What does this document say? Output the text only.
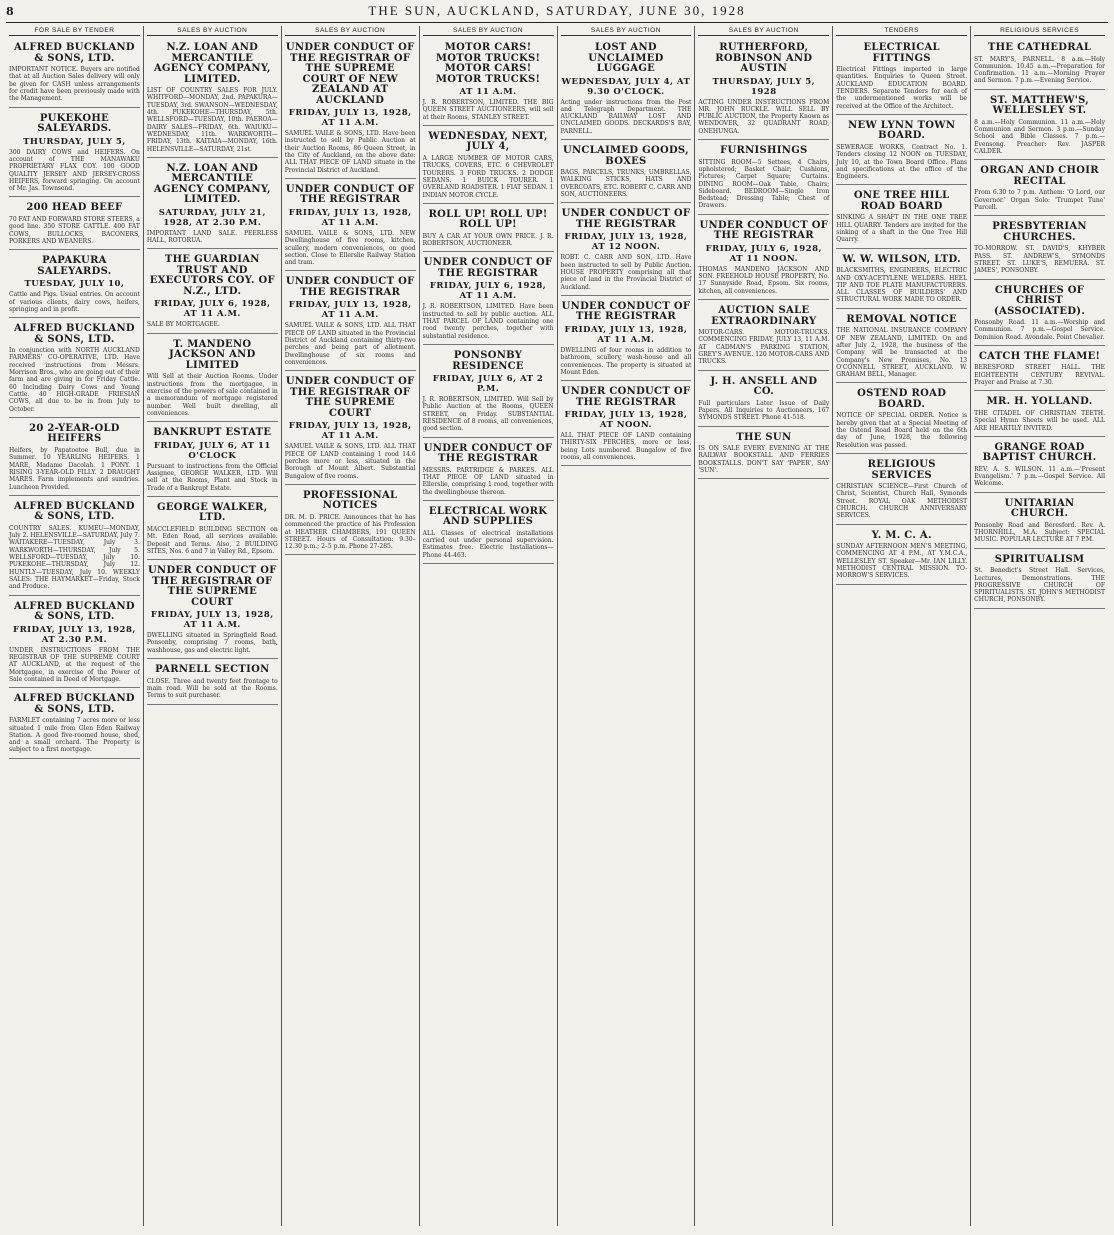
8	THE SUN, AUCKLAND, SATURDAY, JUNE 30, 1928
FOR SALE BY TENDER
ALFRED BUCKLAND & SONS, LTD.

IMPORTANT NOTICE. Buyers are notified that at all Auction Sales delivery will only be given for CASH unless arrangements for credit have been previously made with the Management.

PUKEKOHE SALEYARDS.
THURSDAY, JULY 5,

300 DAIRY COWS and HEIFERS. On account of THE MANAWAKU PROPRIETARY FLAX COY. 100 GOOD QUALITY JERSEY AND JERSEY-CROSS HEIFERS, forward springing. On account of Mr. Jas. Townsend.

200 HEAD BEEF

70 FAT AND FORWARD STORE STEERS, a good line. 350 STORE CATTLE. 400 FAT COWS, BULLOCKS, BACONERS, PORKERS AND WEANERS.

PAPAKURA SALEYARDS.
TUESDAY, JULY 10,

Cattle and Pigs. Usual entries. On account of various clients, dairy cows, heifers, springing and in profit.

ALFRED BUCKLAND & SONS, LTD.

In conjunction with NORTH AUCKLAND FARMERS' CO-OPERATIVE, LTD. Have received instructions from Messrs. Morrison Bros., who are going out of their farm and are giving in for Friday Cattle. 60 Including Dairy Cows and Young Cattle. 40 HIGH-GRADE FRIESIAN COWS, all due to be in from July to October.

20 2-YEAR-OLD HEIFERS

Heifers, by Papatoetoe Bull, due in Summer. 10 YEARLING HEIFERS. 1 MARE, Madame Dacolah. 1 PONY. 1 RISING 3-YEAR-OLD FILLY. 2 DRAUGHT MARES. Farm implements and sundries. Luncheon Provided.

ALFRED BUCKLAND & SONS, LTD.

COUNTRY SALES. KUMEU—MONDAY, July 2. HELENSVILLE—SATURDAY, July 7. WAITAKERE—TUESDAY, July 3. WARKWORTH—THURSDAY, July 5. WELLSFORD—TUESDAY, July 10. PUKEKOHE—THURSDAY, July 12. HUNTLY—TUESDAY, July 10. WEEKLY SALES: THE HAYMARKET—Friday, Stock and Produce.

ALFRED BUCKLAND & SONS, LTD.
FRIDAY, JULY 13, 1928, AT 2.30 P.M.

UNDER INSTRUCTIONS FROM THE REGISTRAR OF THE SUPREME COURT AT AUCKLAND, at the request of the Mortgagee, in exercise of the Power of Sale contained in Deed of Mortgage.

ALFRED BUCKLAND & SONS, LTD.

FARMLET containing 7 acres more or less situated 1 mile from Glen Eden Railway Station. A good five-roomed house, shed, and a small orchard. The Property is subject to a first mortgage.

SALES BY AUCTION
N.Z. LOAN AND MERCANTILE AGENCY COMPANY, LIMITED.

LIST OF COUNTRY SALES FOR JULY. WHITFORD—MONDAY, 2nd. PAPAKURA—TUESDAY, 3rd. SWANSON—WEDNESDAY, 4th. PUKEKOHE—THURSDAY, 5th. WELLSFORD—TUESDAY, 10th. PAEROA—DAIRY SALES—FRIDAY, 6th. WAIUKU—WEDNESDAY, 11th. WARKWORTH—FRIDAY, 13th. KAITAIA—MONDAY, 16th. HELENSVILLE—SATURDAY, 21st.

N.Z. LOAN AND MERCANTILE AGENCY COMPANY, LIMITED.
SATURDAY, JULY 21, 1928, AT 2.30 P.M.

IMPORTANT LAND SALE. PEERLESS HALL, ROTORUA.

THE GUARDIAN TRUST AND EXECUTORS COY. OF N.Z., LTD.
FRIDAY, JULY 6, 1928, AT 11 A.M.

SALE BY MORTGAGEE.

T. MANDENO JACKSON AND LIMITED

Will Sell at their Auction Rooms. Under instructions from the mortgagee, in exercise of the powers of sale contained in a memorandum of mortgage registered number. Well built dwelling, all conveniences.

BANKRUPT ESTATE
FRIDAY, JULY 6, AT 11 O'CLOCK

Pursuant to instructions from the Official Assignee, GEORGE WALKER, LTD. Will sell at the Rooms, Plant and Stock in Trade of a Bankrupt Estate.

GEORGE WALKER, LTD.

MACCLEFIELD BUILDING SECTION on Mt. Eden Road, all services available. Deposit and Terms. Also, 2 BUILDING SITES, Nos. 6 and 7 in Valley Rd., Epsom.

UNDER CONDUCT OF THE REGISTRAR OF THE SUPREME COURT
FRIDAY, JULY 13, 1928, AT 11 A.M.

DWELLING situated in Springfield Road. Ponsonby, comprising 7 rooms, bath, washhouse, gas and electric light.

PARNELL SECTION

CLOSE. Three and twenty feet frontage to main road. Will be sold at the Rooms. Terms to suit purchaser.

SALES BY AUCTION
UNDER CONDUCT OF THE REGISTRAR OF THE SUPREME COURT OF NEW ZEALAND AT AUCKLAND
FRIDAY, JULY 13, 1928, AT 11 A.M.

SAMUEL VAILE & SONS, LTD. Have been instructed to sell by Public Auction at their Auction Rooms, 86 Queen Street, in the City of Auckland, on the above date: ALL THAT PIECE OF LAND situate in the Provincial District of Auckland.

UNDER CONDUCT OF THE REGISTRAR
FRIDAY, JULY 13, 1928, AT 11 A.M.

SAMUEL VAILE & SONS, LTD. NEW Dwellinghouse of five rooms, kitchen, scullery, modern conveniences, on good section. Close to Ellerslie Railway Station and tram.

UNDER CONDUCT OF THE REGISTRAR
FRIDAY, JULY 13, 1928, AT 11 A.M.

SAMUEL VAILE & SONS, LTD. ALL THAT PIECE OF LAND situated in the Provincial District of Auckland containing thirty-two perches and being part of allotment. Dwellinghouse of six rooms and conveniences.

UNDER CONDUCT OF THE REGISTRAR OF THE SUPREME COURT
FRIDAY, JULY 13, 1928, AT 11 A.M.

SAMUEL VAILE & SONS, LTD. ALL THAT PIECE OF LAND containing 1 rood 14.6 perches more or less, situated in the Borough of Mount Albert. Substantial Bungalow of five rooms.

PROFESSIONAL NOTICES

DR. M. D. PRICE. Announces that he has commenced the practice of his Profession at HEATHER CHAMBERS, 191 QUEEN STREET. Hours of Consultation: 9.30–12.30 p.m.; 2–5 p.m. Phone 27-285.

SALES BY AUCTION
MOTOR CARS! MOTOR TRUCKS! MOTOR CARS! MOTOR TRUCKS!
AT 11 A.M.

J. R. ROBERTSON, LIMITED. THE BIG QUEEN STREET AUCTIONEERS, will sell at their Rooms, STANLEY STREET.

WEDNESDAY, NEXT, JULY 4,

A LARGE NUMBER OF MOTOR CARS, TRUCKS, COVERS, ETC. 6 CHEVROLET TOURERS. 3 FORD TRUCKS. 2 DODGE SEDANS. 1 BUICK TOURER. 1 OVERLAND ROADSTER. 1 FIAT SEDAN. 1 INDIAN MOTOR CYCLE.

ROLL UP! ROLL UP! ROLL UP!

BUY A CAR AT YOUR OWN PRICE. J. R. ROBERTSON, AUCTIONEER.

UNDER CONDUCT OF THE REGISTRAR
FRIDAY, JULY 6, 1928, AT 11 A.M.

J. R. ROBERTSON, LIMITED. Have been instructed to sell by public auction. ALL THAT PARCEL OF LAND containing one rood twenty perches, together with substantial residence.

PONSONBY RESIDENCE
FRIDAY, JULY 6, AT 2 P.M.

J. R. ROBERTSON, LIMITED. Will Sell by Public Auction at the Rooms, QUEEN STREET, on Friday. SUBSTANTIAL RESIDENCE of 8 rooms, all conveniences, good section.

UNDER CONDUCT OF THE REGISTRAR

MESSRS. PARTRIDGE & PARKES. ALL THAT PIECE OF LAND situated in Ellerslie, comprising 1 rood, together with the dwellinghouse thereon.

ELECTRICAL WORK AND SUPPLIES

ALL Classes of electrical installations carried out under personal supervision. Estimates free. Electric Installations—Phone 44-463.

SALES BY AUCTION
LOST AND UNCLAIMED LUGGAGE
WEDNESDAY, JULY 4, AT 9.30 O'CLOCK.

Acting under instructions from the Post and Telegraph Department. THE AUCKLAND RAILWAY LOST AND UNCLAIMED GOODS. DECKARDS'S BAY, PARNELL.

UNCLAIMED GOODS, BOXES

BAGS, PARCELS, TRUNKS, UMBRELLAS, WALKING STICKS, HATS AND OVERCOATS, ETC. ROBERT C. CARR AND SON, AUCTIONEERS.

UNDER CONDUCT OF THE REGISTRAR
FRIDAY, JULY 13, 1928, AT 12 NOON.

ROBT. C. CARR AND SON, LTD. Have been instructed to sell by Public Auction. HOUSE PROPERTY comprising all that piece of land in the Provincial District of Auckland.

UNDER CONDUCT OF THE REGISTRAR
FRIDAY, JULY 13, 1928, AT 11 A.M.

DWELLING of four rooms in addition to bathroom, scullery, wash-house and all conveniences. The property is situated at Mount Eden.

UNDER CONDUCT OF THE REGISTRAR
FRIDAY, JULY 13, 1928, AT NOON.

ALL THAT PIECE OF LAND containing THIRTY-SIX PERCHES, more or less, being Lots numbered. Bungalow of five rooms, all conveniences.

SALES BY AUCTION
RUTHERFORD, ROBINSON AND AUSTIN
THURSDAY, JULY 5, 1928

ACTING UNDER INSTRUCTIONS FROM MR. JOHN RUCKLE. WILL SELL BY PUBLIC AUCTION, the Property Known as WENDOVER, 32 QUADRANT ROAD, ONEHUNGA.

FURNISHINGS

SITTING ROOM—5 Settees, 4 Chairs, upholstered; Basket Chair; Cushions, Pictures; Carpet Square; Curtains. DINING ROOM—Oak Table, Chairs; Sideboard. BEDROOM—Single Iron Bedstead; Dressing Table; Chest of Drawers.

UNDER CONDUCT OF THE REGISTRAR
FRIDAY, JULY 6, 1928, AT 11 NOON.

THOMAS MANDENO JACKSON AND SON. FREEHOLD HOUSE PROPERTY, No. 17 Sunnyside Road, Epsom. Six rooms, kitchen, all conveniences.

AUCTION SALE EXTRAORDINARY

MOTOR-CARS. MOTOR-TRUCKS. COMMENCING FRIDAY, JULY 13, 11 A.M. AT CADMAN'S PARKING STATION, GREY'S AVENUE. 120 MOTOR-CARS AND TRUCKS.

J. H. ANSELL AND CO.

Full particulars Later Issue of Daily Papers. All Inquiries to Auctioneers. 167 SYMONDS STREET. Phone 41-518.

THE SUN

IS ON SALE EVERY EVENING AT THE RAILWAY BOOKSTALL AND FERRIES BOOKSTALLS. DON'T SAY 'PAPER', SAY 'SUN'.

TENDERS
ELECTRICAL FITTINGS

Electrical Fittings imported in large quantities. Enquiries to Queen Street. AUCKLAND EDUCATION BOARD. TENDERS. Separate Tenders for each of the undermentioned works will be received at the Office of the Architect.

NEW LYNN TOWN BOARD.

SEWERAGE WORKS, Contract No. 1. Tenders closing 12 NOON on TUESDAY, July 10, at the Town Board Office. Plans and specifications at the office of the Engineers.

ONE TREE HILL ROAD BOARD

SINKING A SHAFT IN THE ONE TREE HILL QUARRY. Tenders are invited for the sinking of a shaft in the One Tree Hill Quarry.

W. W. WILSON, LTD.

BLACKSMITHS, ENGINEERS, ELECTRIC AND OXY-ACETYLENE WELDERS. HEEL TIP AND TOE PLATE MANUFACTURERS. ALL CLASSES OF BUILDERS' AND STRUCTURAL WORK MADE TO ORDER.

REMOVAL NOTICE

THE NATIONAL INSURANCE COMPANY OF NEW ZEALAND, LIMITED. On and after July 2, 1928, the business of the Company will be transacted at the Company's New Premises, No. 13 O'CONNELL STREET, AUCKLAND. W. GRAHAM BELL, Manager.

OSTEND ROAD BOARD.

NOTICE OF SPECIAL ORDER. Notice is hereby given that at a Special Meeting of the Ostend Road Board held on the 6th day of June, 1928, the following Resolution was passed.

RELIGIOUS SERVICES

CHRISTIAN SCIENCE—First Church of Christ, Scientist, Church Hall, Symonds Street. ROYAL OAK METHODIST CHURCH. CHURCH ANNIVERSARY SERVICES.

Y. M. C. A.

SUNDAY AFTERNOON MEN'S MEETING, COMMENCING AT 4 P.M., AT Y.M.C.A., WELLESLEY ST. Speaker—Mr. IAN LILLY. METHODIST CENTRAL MISSION. TO-MORROW'S SERVICES.

RELIGIOUS SERVICES
THE CATHEDRAL

ST. MARY'S, PARNELL. 8 a.m.—Holy Communion. 10.45 a.m.—Preparation for Confirmation. 11 a.m.—Morning Prayer and Sermon. 7 p.m.—Evening Service.

ST. MATTHEW'S, WELLESLEY ST.

8 a.m.—Holy Communion. 11 a.m.—Holy Communion and Sermon. 3 p.m.—Sunday School and Bible Classes. 7 p.m.—Evensong. Preacher: Rev. JASPER CALDER.

ORGAN AND CHOIR RECITAL

From 6.30 to 7 p.m. Anthem: 'O Lord, our Governor.' Organ Solo: 'Trumpet Tune' Purcell.

PRESBYTERIAN CHURCHES.

TO-MORROW. ST. DAVID'S, KHYBER PASS. ST. ANDREW'S, SYMONDS STREET. ST. LUKE'S, REMUERA. ST. JAMES', PONSONBY.

CHURCHES OF CHRIST (ASSOCIATED).

Ponsonby Road. 11 a.m.—Worship and Communion. 7 p.m.—Gospel Service. Dominion Road. Avondale. Point Chevalier.

CATCH THE FLAME!

BERESFORD STREET HALL. THE EIGHTEENTH CENTURY REVIVAL. Prayer and Praise at 7.30.

MR. H. YOLLAND.

THE CITADEL OF CHRISTIAN TEETH. Special Hymn Sheets will be used. ALL ARE HEARTILY INVITED.

GRANGE ROAD BAPTIST CHURCH.

REV. A. S. WILSON. 11 a.m.—'Present Evangelism.' 7 p.m.—Gospel Service. All Welcome.

UNITARIAN CHURCH.

Ponsonby Road and Beresford. Rev. A. THORNHILL, M.A. Subject: SPECIAL MUSIC. POPULAR LECTURE AT 7 P.M.

SPIRITUALISM

St. Benedict's Street Hall. Services, Lectures, Demonstrations. THE PROGRESSIVE CHURCH OF SPIRITUALISTS. ST. JOHN'S METHODIST CHURCH, PONSONBY.
